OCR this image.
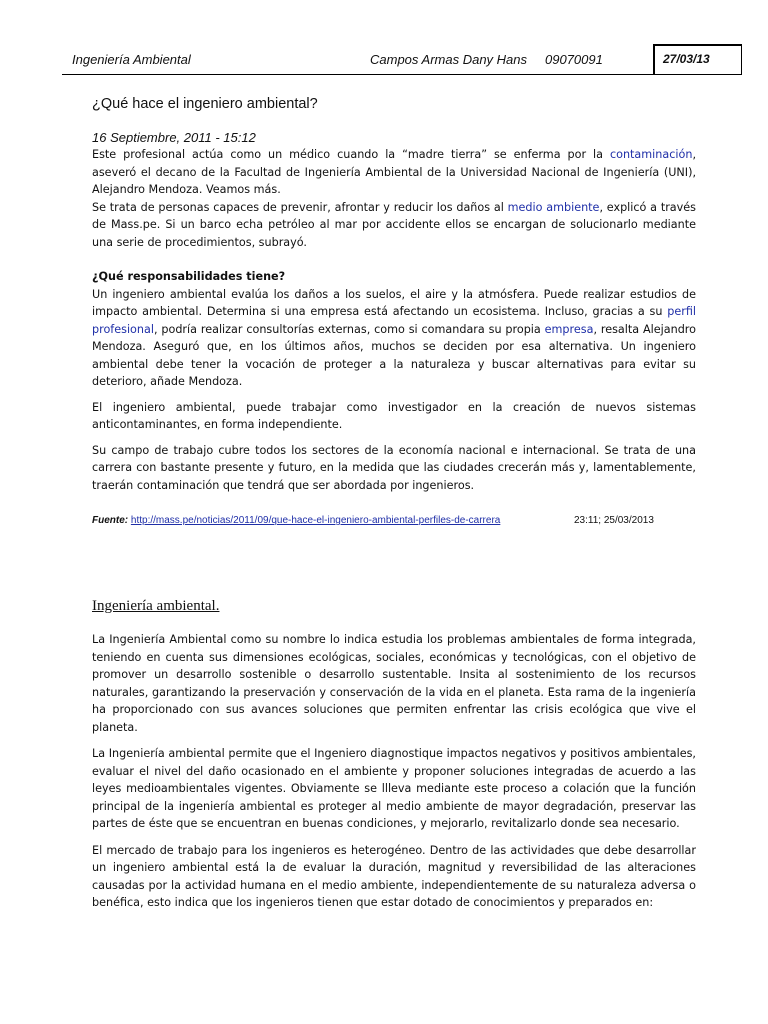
Ingeniería Ambiental	Campos Armas Dany Hans 09070091	27/03/13
¿Qué hace el ingeniero ambiental?

16 Septiembre, 2011 - 15:12

Este profesional actúa como un médico cuando la “madre tierra” se enferma por la contaminación, aseveró el decano de la Facultad de Ingeniería Ambiental de la Universidad Nacional de Ingeniería (UNI), Alejandro Mendoza. Veamos más.

Se trata de personas capaces de prevenir, afrontar y reducir los daños al medio ambiente, explicó a través de Mass.pe. Si un barco echa petróleo al mar por accidente ellos se encargan de solucionarlo mediante una serie de procedimientos, subrayó.

¿Qué responsabilidades tiene?

Un ingeniero ambiental evalúa los daños a los suelos, el aire y la atmósfera. Puede realizar estudios de impacto ambiental. Determina si una empresa está afectando un ecosistema. Incluso, gracias a su perfil profesional, podría realizar consultorías externas, como si comandara su propia empresa, resalta Alejandro Mendoza. Aseguró que, en los últimos años, muchos se deciden por esa alternativa. Un ingeniero ambiental debe tener la vocación de proteger a la naturaleza y buscar alternativas para evitar su deterioro, añade Mendoza.

El ingeniero ambiental, puede trabajar como investigador en la creación de nuevos sistemas anticontaminantes, en forma independiente.

Su campo de trabajo cubre todos los sectores de la economía nacional e internacional. Se trata de una carrera con bastante presente y futuro, en la medida que las ciudades crecerán más y, lamentablemente, traerán contaminación que tendrá que ser abordada por ingenieros.

Fuente: http://mass.pe/noticias/2011/09/que-hace-el-ingeniero-ambiental-perfiles-de-carrera	23:11; 25/03/2013
Ingeniería ambiental.

La Ingeniería Ambiental como su nombre lo indica estudia los problemas ambientales de forma integrada, teniendo en cuenta sus dimensiones ecológicas, sociales, económicas y tecnológicas, con el objetivo de promover un desarrollo sostenible o desarrollo sustentable. Insita al sostenimiento de los recursos naturales, garantizando la preservación y conservación de la vida en el planeta. Esta rama de la ingeniería ha proporcionado con sus avances soluciones que permiten enfrentar las crisis ecológica que vive el planeta.

La Ingeniería ambiental permite que el Ingeniero diagnostique impactos negativos y positivos ambientales, evaluar el nivel del daño ocasionado en el ambiente y proponer soluciones integradas de acuerdo a las leyes medioambientales vigentes. Obviamente se llleva mediante este proceso a colación que la función principal de la ingeniería ambiental es proteger al medio ambiente de mayor degradación, preservar las partes de éste que se encuentran en buenas condiciones, y mejorarlo, revitalizarlo donde sea necesario.

El mercado de trabajo para los ingenieros es heterogéneo. Dentro de las actividades que debe desarrollar un ingeniero ambiental está la de evaluar la duración, magnitud y reversibilidad de las alteraciones causadas por la actividad humana en el medio ambiente, independientemente de su naturaleza adversa o benéfica, esto indica que los ingenieros tienen que estar dotado de conocimientos y preparados en:
